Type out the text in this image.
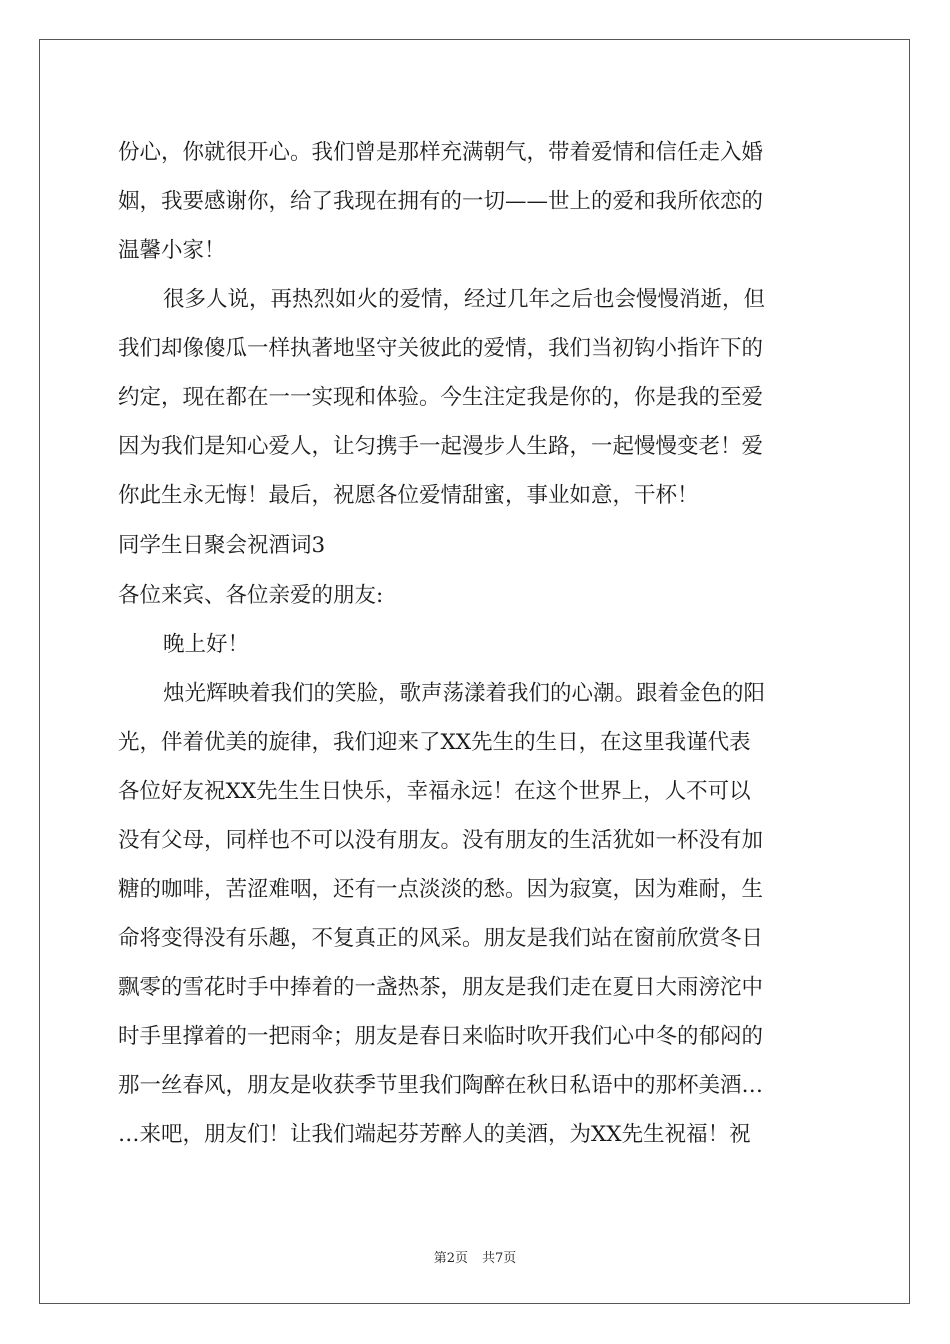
份心，你就很开心。我们曾是那样充满朝气，带着爱情和信任走入婚
姻，我要感谢你，给了我现在拥有的一切——世上的爱和我所依恋的
温馨小家！
很多人说，再热烈如火的爱情，经过几年之后也会慢慢消逝，但
我们却像傻瓜一样执著地坚守关彼此的爱情，我们当初钩小指许下的
约定，现在都在一一实现和体验。今生注定我是你的，你是我的至爱
因为我们是知心爱人，让匀携手一起漫步人生路，一起慢慢变老！爱
你此生永无悔！最后，祝愿各位爱情甜蜜，事业如意，干杯！
同学生日聚会祝酒词3
各位来宾、各位亲爱的朋友:
晚上好！
烛光辉映着我们的笑脸，歌声荡漾着我们的心潮。跟着金色的阳
光，伴着优美的旋律，我们迎来了XX先生的生日，在这里我谨代表
各位好友祝XX先生生日快乐，幸福永远！在这个世界上，人不可以
没有父母，同样也不可以没有朋友。没有朋友的生活犹如一杯没有加
糖的咖啡，苦涩难咽，还有一点淡淡的愁。因为寂寞，因为难耐，生
命将变得没有乐趣，不复真正的风采。朋友是我们站在窗前欣赏冬日
飘零的雪花时手中捧着的一盏热茶，朋友是我们走在夏日大雨滂沱中
时手里撑着的一把雨伞；朋友是春日来临时吹开我们心中冬的郁闷的
那一丝春风，朋友是收获季节里我们陶醉在秋日私语中的那杯美酒…
…来吧，朋友们！让我们端起芬芳醉人的美酒，为XX先生祝福！祝
第2页 共7页
